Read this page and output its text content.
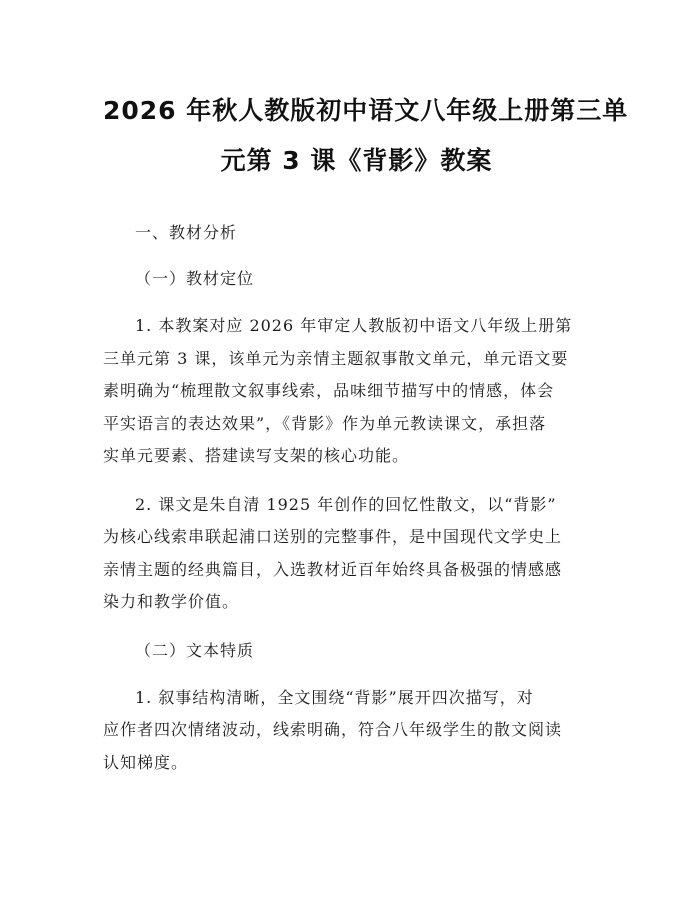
2026 年秋人教版初中语文八年级上册第三单
元第 3 课《背影》教案

一、教材分析

（一）教材定位

1. 本教案对应 2026 年审定人教版初中语文八年级上册第
三单元第 3 课，该单元为亲情主题叙事散文单元，单元语文要
素明确为“梳理散文叙事线索，品味细节描写中的情感，体会
平实语言的表达效果”，《背影》作为单元教读课文，承担落
实单元要素、搭建读写支架的核心功能。

2. 课文是朱自清 1925 年创作的回忆性散文，以“背影”
为核心线索串联起浦口送别的完整事件，是中国现代文学史上
亲情主题的经典篇目，入选教材近百年始终具备极强的情感感
染力和教学价值。

（二）文本特质

1. 叙事结构清晰，全文围绕“背影”展开四次描写，对
应作者四次情绪波动，线索明确，符合八年级学生的散文阅读
认知梯度。
